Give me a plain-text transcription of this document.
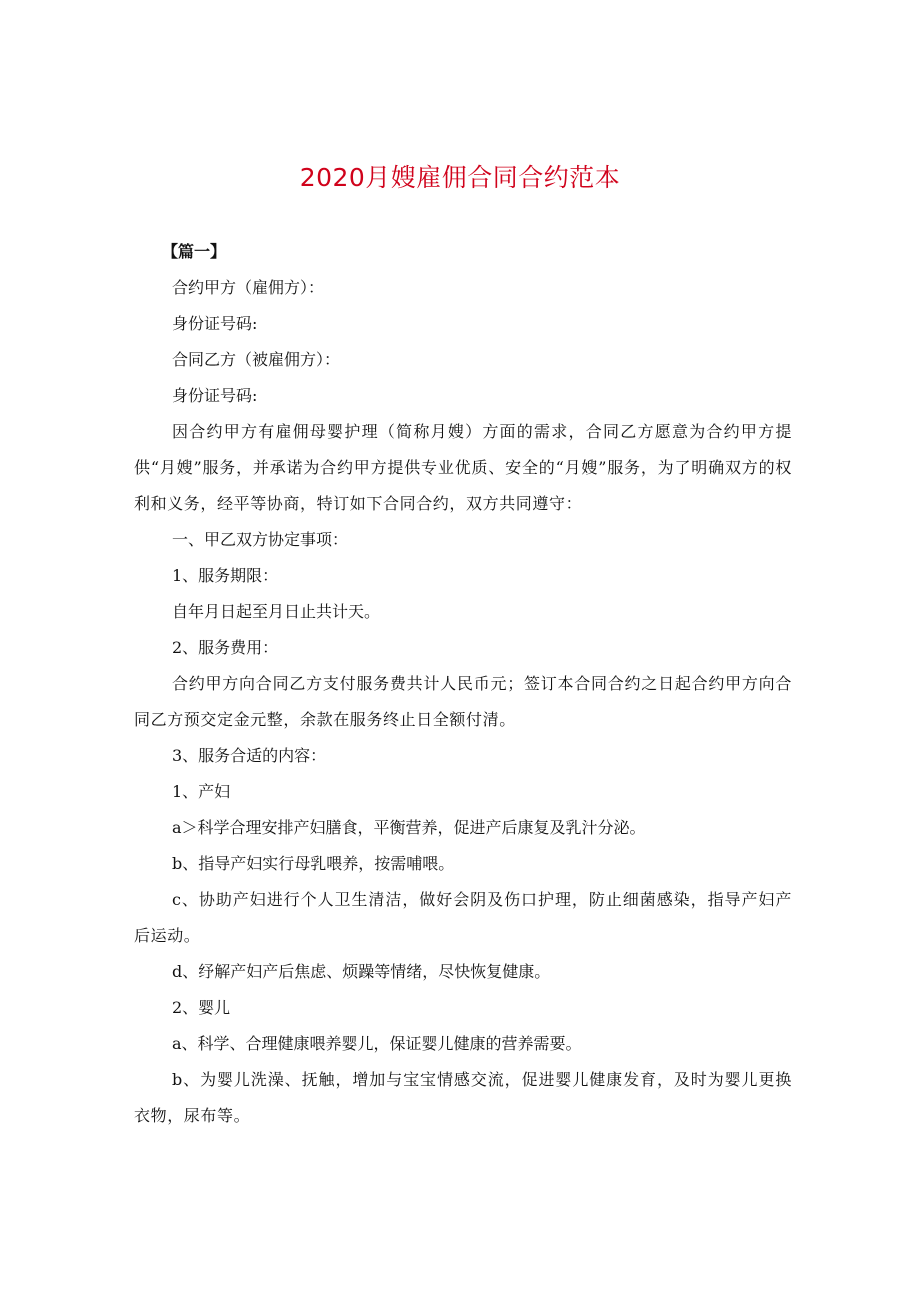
2020月嫂雇佣合同合约范本
【篇一】
合约甲方（雇佣方）：
身份证号码:
合同乙方（被雇佣方）：
身份证号码:
因合约甲方有雇佣母婴护理（简称月嫂）方面的需求，合同乙方愿意为合约甲方提供“月嫂”服务，并承诺为合约甲方提供专业优质、安全的“月嫂”服务，为了明确双方的权利和义务，经平等协商，特订如下合同合约，双方共同遵守：
一、甲乙双方协定事项：
1、服务期限：
自年月日起至月日止共计天。
2、服务费用：
合约甲方向合同乙方支付服务费共计人民币元；签订本合同合约之日起合约甲方向合同乙方预交定金元整，余款在服务终止日全额付清。
3、服务合适的内容：
1、产妇
a＞科学合理安排产妇膳食，平衡营养，促进产后康复及乳汁分泌。
b、指导产妇实行母乳喂养，按需哺喂。
c、协助产妇进行个人卫生清洁，做好会阴及伤口护理，防止细菌感染，指导产妇产后运动。
d、纾解产妇产后焦虑、烦躁等情绪，尽快恢复健康。
2、婴儿
a、科学、合理健康喂养婴儿，保证婴儿健康的营养需要。
b、为婴儿洗澡、抚触，增加与宝宝情感交流，促进婴儿健康发育，及时为婴儿更换衣物，尿布等。
